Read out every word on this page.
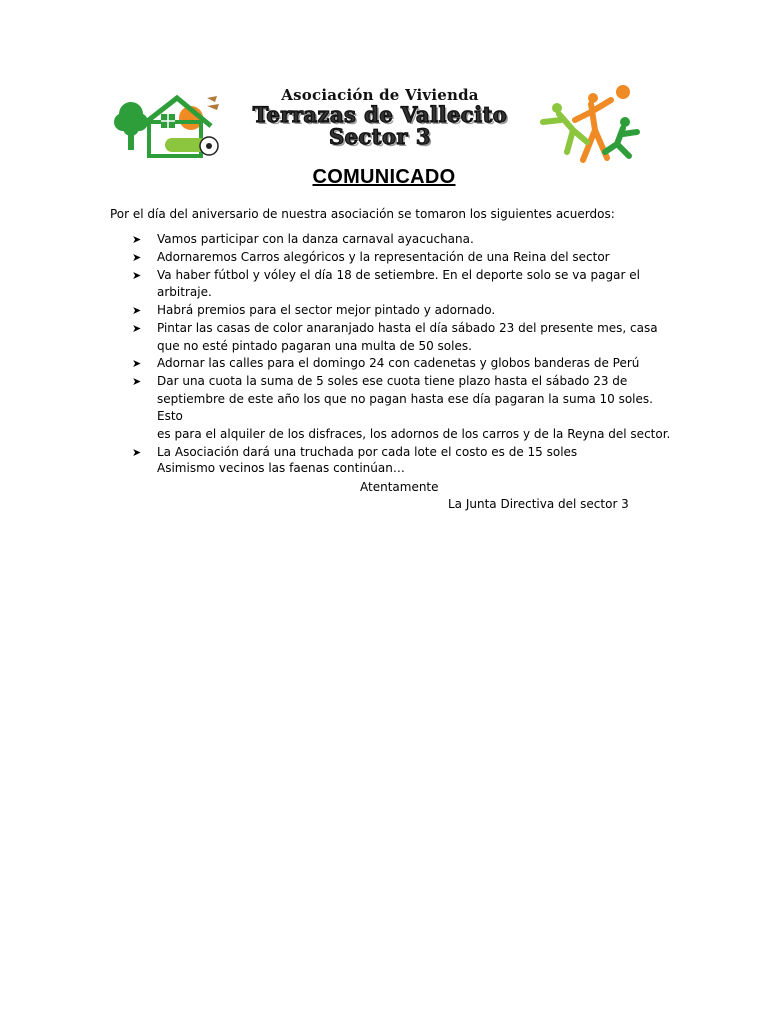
Asociación de Vivienda
Terrazas de Vallecito
Sector 3
COMUNICADO
Por el día del aniversario de nuestra asociación se tomaron los siguientes acuerdos:
➤	Vamos participar con la danza carnaval ayacuchana.
➤	Adornaremos Carros alegóricos y la representación de una Reina del sector
➤	Va haber fútbol y vóley el día 18 de setiembre. En el deporte solo se va pagar el
arbitraje.
➤	Habrá premios para el sector mejor pintado y adornado.
➤	Pintar las casas de color anaranjado hasta el día sábado 23 del presente mes, casa
que no esté pintado pagaran una multa de 50 soles.
➤	Adornar las calles para el domingo 24 con cadenetas y globos banderas de Perú
➤	Dar una cuota la suma de 5 soles ese cuota tiene plazo hasta el sábado 23 de
septiembre de este año los que no pagan hasta ese día pagaran la suma 10 soles. Esto
es para el alquiler de los disfraces, los adornos de los carros y de la Reyna del sector.
➤	La Asociación dará una truchada por cada lote el costo es de 15 soles
Asimismo vecinos las faenas continúan…
Atentamente
La Junta Directiva del sector 3
